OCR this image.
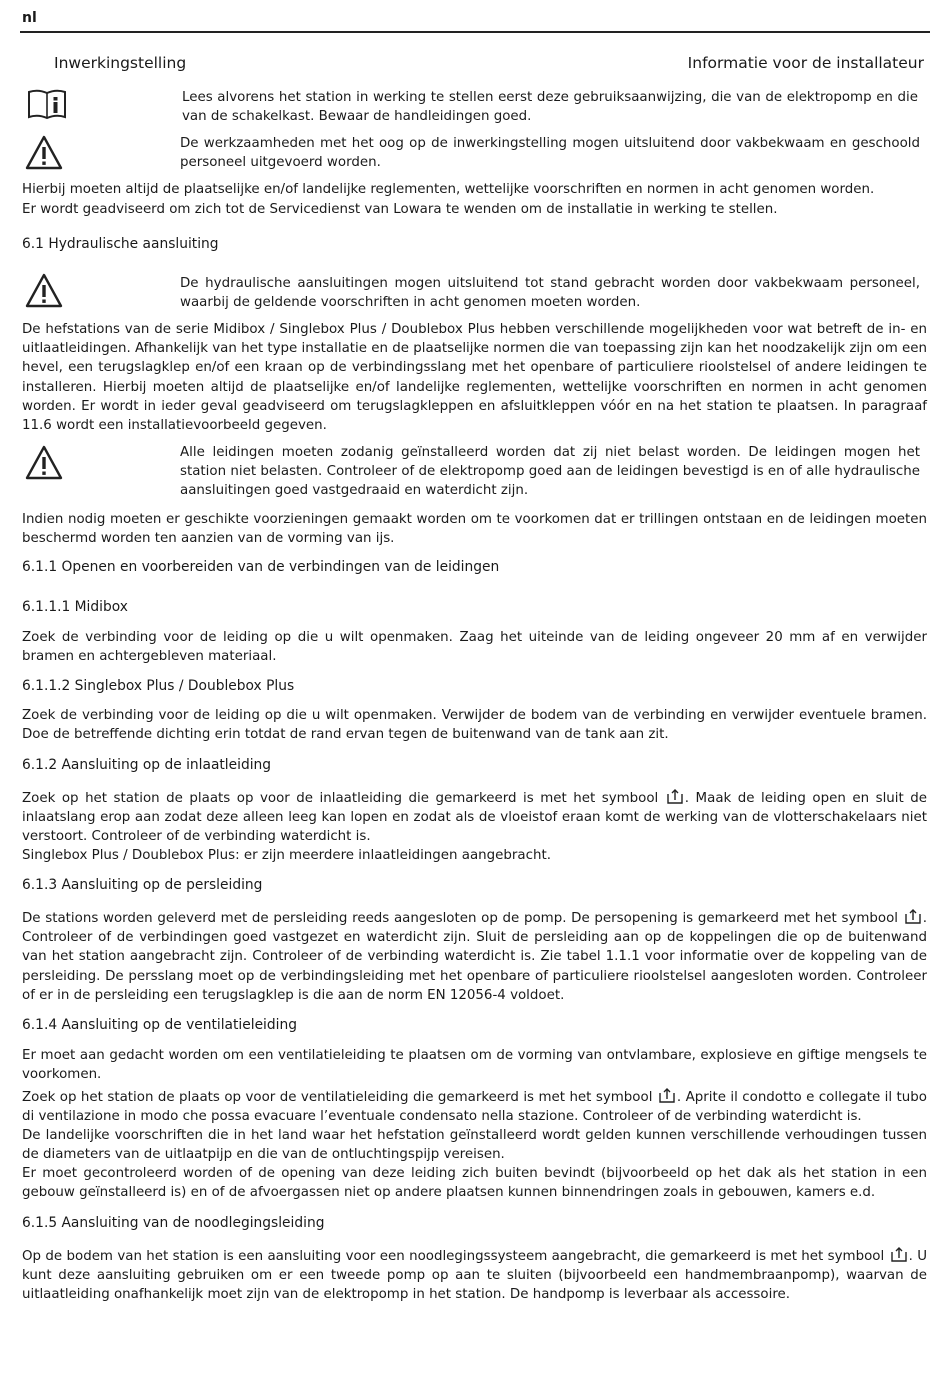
nl
Inwerkingstelling	Informatie voor de installateur

Lees alvorens het station in werking te stellen eerst deze gebruiksaanwijzing, die van de elektropomp en die van de schakelkast. Bewaar de handleidingen goed.

De werkzaamheden met het oog op de inwerkingstelling mogen uitsluitend door vakbekwaam en geschoold personeel uitgevoerd worden.

Hierbij moeten altijd de plaatselijke en/of landelijke reglementen, wettelijke voorschriften en normen in acht genomen worden.

Er wordt geadviseerd om zich tot de Servicedienst van Lowara te wenden om de installatie in werking te stellen.

6.1 Hydraulische aansluiting

De hydraulische aansluitingen mogen uitsluitend tot stand gebracht worden door vakbekwaam personeel, waarbij de geldende voorschriften in acht genomen moeten worden.

De hefstations van de serie Midibox / Singlebox Plus / Doublebox Plus hebben verschillende mogelijkheden voor wat betreft de in- en uitlaatleidingen. Afhankelijk van het type installatie en de plaatselijke normen die van toepassing zijn kan het noodzakelijk zijn om een hevel, een terugslagklep en/of een kraan op de verbindingsslang met het openbare of particuliere rioolstelsel of andere leidingen te installeren. Hierbij moeten altijd de plaatselijke en/of landelijke reglementen, wettelijke voorschriften en normen in acht genomen worden. Er wordt in ieder geval geadviseerd om terugslagkleppen en afsluitkleppen vóór en na het station te plaatsen. In paragraaf 11.6 wordt een installatievoorbeeld gegeven.

Alle leidingen moeten zodanig geïnstalleerd worden dat zij niet belast worden. De leidingen mogen het station niet belasten. Controleer of de elektropomp goed aan de leidingen bevestigd is en of alle hydraulische aansluitingen goed vastgedraaid en waterdicht zijn.

Indien nodig moeten er geschikte voorzieningen gemaakt worden om te voorkomen dat er trillingen ontstaan en de leidingen moeten beschermd worden ten aanzien van de vorming van ijs.

6.1.1 Openen en voorbereiden van de verbindingen van de leidingen
6.1.1.1 Midibox

Zoek de verbinding voor de leiding op die u wilt openmaken. Zaag het uiteinde van de leiding ongeveer 20 mm af en verwijder bramen en achtergebleven materiaal.

6.1.1.2 Singlebox Plus / Doublebox Plus

Zoek de verbinding voor de leiding op die u wilt openmaken. Verwijder de bodem van de verbinding en verwijder eventuele bramen. Doe de betreffende dichting erin totdat de rand ervan tegen de buitenwand van de tank aan zit.

6.1.2 Aansluiting op de inlaatleiding

Zoek op het station de plaats op voor de inlaatleiding die gemarkeerd is met het symbool . Maak de leiding open en sluit de inlaatslang erop aan zodat deze alleen leeg kan lopen en zodat als de vloeistof eraan komt de werking van de vlotterschakelaars niet verstoort. Controleer of de verbinding waterdicht is.

Singlebox Plus / Doublebox Plus: er zijn meerdere inlaatleidingen aangebracht.

6.1.3 Aansluiting op de persleiding

De stations worden geleverd met de persleiding reeds aangesloten op de pomp. De persopening is gemarkeerd met het symbool . Controleer of de verbindingen goed vastgezet en waterdicht zijn. Sluit de persleiding aan op de koppelingen die op de buitenwand van het station aangebracht zijn. Controleer of de verbinding waterdicht is. Zie tabel 1.1.1 voor informatie over de koppeling van de persleiding. De persslang moet op de verbindingsleiding met het openbare of particuliere rioolstelsel aangesloten worden. Controleer of er in de persleiding een terugslagklep is die aan de norm EN 12056-4 voldoet.

6.1.4 Aansluiting op de ventilatieleiding

Er moet aan gedacht worden om een ventilatieleiding te plaatsen om de vorming van ontvlambare, explosieve en giftige mengsels te voorkomen.

Zoek op het station de plaats op voor de ventilatieleiding die gemarkeerd is met het symbool . Aprite il condotto e collegate il tubo di ventilazione in modo che possa evacuare l’eventuale condensato nella stazione. Controleer of de verbinding waterdicht is.

De landelijke voorschriften die in het land waar het hefstation geïnstalleerd wordt gelden kunnen verschillende verhoudingen tussen de diameters van de uitlaatpijp en die van de ontluchtingspijp vereisen.

Er moet gecontroleerd worden of de opening van deze leiding zich buiten bevindt (bijvoorbeeld op het dak als het station in een gebouw geïnstalleerd is) en of de afvoergassen niet op andere plaatsen kunnen binnendringen zoals in gebouwen, kamers e.d.

6.1.5 Aansluiting van de noodlegingsleiding

Op de bodem van het station is een aansluiting voor een noodlegingssysteem aangebracht, die gemarkeerd is met het symbool . U kunt deze aansluiting gebruiken om er een tweede pomp op aan te sluiten (bijvoorbeeld een handmembraanpomp), waarvan de uitlaatleiding onafhankelijk moet zijn van de elektropomp in het station. De handpomp is leverbaar als accessoire.
